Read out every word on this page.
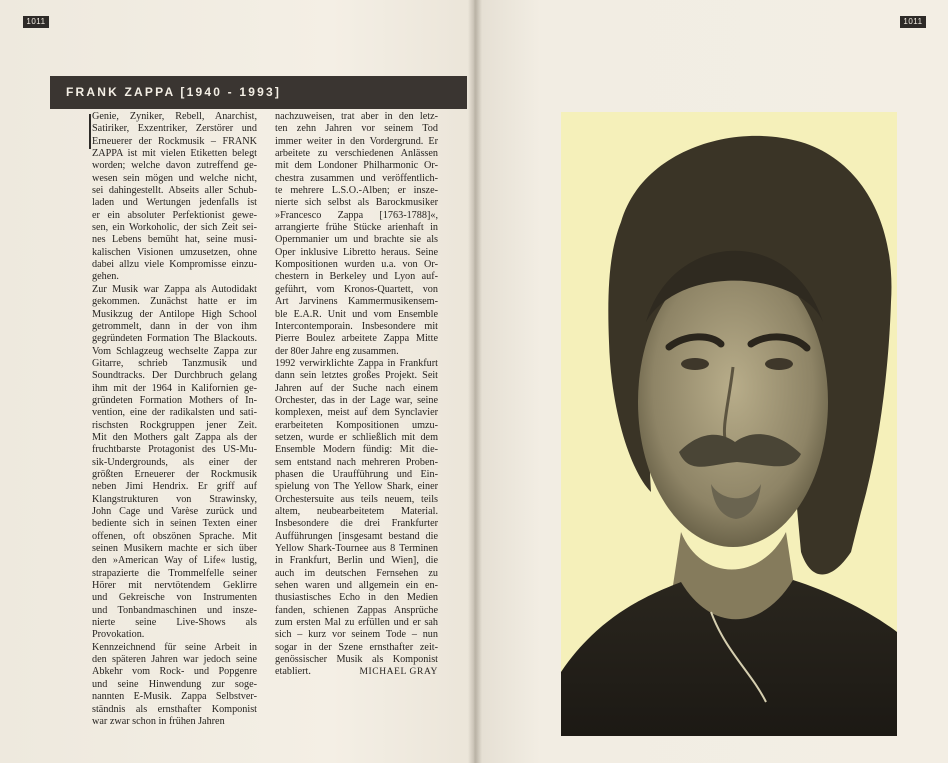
1011
FRANK ZAPPA [1940 - 1993]
Genie, Zyniker, Rebell, Anarchist,
Satiriker, Exzentriker, Zerstörer und
Erneuerer der Rockmusik – FRANK
ZAPPA ist mit vielen Etiketten belegt
worden; welche davon zutreffend ge-
wesen sein mögen und welche nicht,
sei dahingestellt. Abseits aller Schub-
laden und Wertungen jedenfalls ist
er ein absoluter Perfektionist gewe-
sen, ein Workoholic, der sich Zeit sei-
nes Lebens bemüht hat, seine musi-
kalischen Visionen umzusetzen, ohne
dabei allzu viele Kompromisse einzu-
gehen.
Zur Musik war Zappa als Autodidakt
gekommen. Zunächst hatte er im
Musikzug der Antilope High School
getrommelt, dann in der von ihm
gegründeten Formation The Blackouts.
Vom Schlagzeug wechselte Zappa zur
Gitarre, schrieb Tanzmusik und
Soundtracks. Der Durchbruch gelang
ihm mit der 1964 in Kalifornien ge-
gründeten Formation Mothers of In-
vention, eine der radikalsten und sati-
rischsten Rockgruppen jener Zeit.
Mit den Mothers galt Zappa als der
fruchtbarste Protagonist des US-Mu-
sik-Undergrounds, als einer der
größten Erneuerer der Rockmusik
neben Jimi Hendrix. Er griff auf
Klangstrukturen von Strawinsky,
John Cage und Varèse zurück und
bediente sich in seinen Texten einer
offenen, oft obszönen Sprache. Mit
seinen Musikern machte er sich über
den »American Way of Life« lustig,
strapazierte die Trommelfelle seiner
Hörer mit nervtötendem Geklirre
und Gekreische von Instrumenten
und Tonbandmaschinen und insze-
nierte seine Live-Shows als
Provokation.
Kennzeichnend für seine Arbeit in
den späteren Jahren war jedoch seine
Abkehr vom Rock- und Popgenre
und seine Hinwendung zur soge-
nannten E-Musik. Zappa Selbstver-
ständnis als ernsthafter Komponist
war zwar schon in frühen Jahren
nachzuweisen, trat aber in den letz-
ten zehn Jahren vor seinem Tod
immer weiter in den Vordergrund. Er
arbeitete zu verschiedenen Anlässen
mit dem Londoner Philharmonic Or-
chestra zusammen und veröffentlich-
te mehrere L.S.O.-Alben; er insze-
nierte sich selbst als Barockmusiker
»Francesco Zappa [1763-1788]«,
arrangierte frühe Stücke arienhaft in
Opernmanier um und brachte sie als
Oper inklusive Libretto heraus. Seine
Kompositionen wurden u.a. von Or-
chestern in Berkeley und Lyon auf-
geführt, vom Kronos-Quartett, von
Art Jarvinens Kammermusikensem-
ble E.A.R. Unit und vom Ensemble
Intercontemporain. Insbesondere mit
Pierre Boulez arbeitete Zappa Mitte
der 80er Jahre eng zusammen.
1992 verwirklichte Zappa in Frankfurt
dann sein letztes großes Projekt. Seit
Jahren auf der Suche nach einem
Orchester, das in der Lage war, seine
komplexen, meist auf dem Synclavier
erarbeiteten Kompositionen umzu-
setzen, wurde er schließlich mit dem
Ensemble Modern fündig: Mit die-
sem entstand nach mehreren Proben-
phasen die Uraufführung und Ein-
spielung von The Yellow Shark, einer
Orchestersuite aus teils neuem, teils
altem, neubearbeitetem Material.
Insbesondere die drei Frankfurter
Aufführungen [insgesamt bestand die
Yellow Shark-Tournee aus 8 Terminen
in Frankfurt, Berlin und Wien], die
auch im deutschen Fernsehen zu
sehen waren und allgemein ein en-
thusiastisches Echo in den Medien
fanden, schienen Zappas Ansprüche
zum ersten Mal zu erfüllen und er sah
sich – kurz vor seinem Tode – nun
sogar in der Szene ernsthafter zeit-
genössischer Musik als Komponist
etabliert.	MICHAEL GRAY
1011
